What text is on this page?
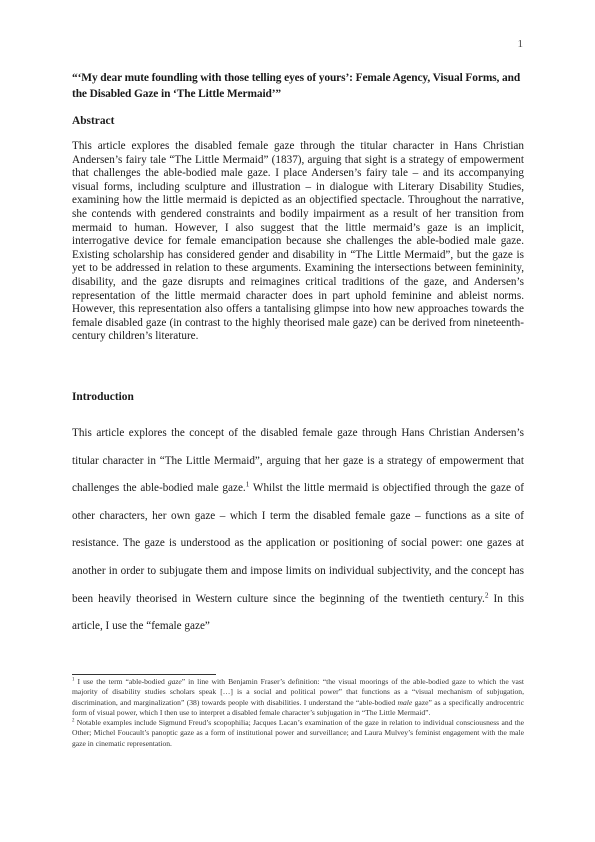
1
“‘My dear mute foundling with those telling eyes of yours’: Female Agency, Visual Forms, and the Disabled Gaze in ‘The Little Mermaid’”
Abstract

This article explores the disabled female gaze through the titular character in Hans Christian Andersen’s fairy tale “The Little Mermaid” (1837), arguing that sight is a strategy of empowerment that challenges the able-bodied male gaze. I place Andersen’s fairy tale – and its accompanying visual forms, including sculpture and illustration – in dialogue with Literary Disability Studies, examining how the little mermaid is depicted as an objectified spectacle. Throughout the narrative, she contends with gendered constraints and bodily impairment as a result of her transition from mermaid to human. However, I also suggest that the little mermaid’s gaze is an implicit, interrogative device for female emancipation because she challenges the able-bodied male gaze. Existing scholarship has considered gender and disability in “The Little Mermaid”, but the gaze is yet to be addressed in relation to these arguments. Examining the intersections between femininity, disability, and the gaze disrupts and reimagines critical traditions of the gaze, and Andersen’s representation of the little mermaid character does in part uphold feminine and ableist norms. However, this representation also offers a tantalising glimpse into how new approaches towards the female disabled gaze (in contrast to the highly theorised male gaze) can be derived from nineteenth-century children’s literature.

Introduction

This article explores the concept of the disabled female gaze through Hans Christian Andersen’s titular character in “The Little Mermaid”, arguing that her gaze is a strategy of empowerment that challenges the able-bodied male gaze.$^1$ Whilst the little mermaid is objectified through the gaze of other characters, her own gaze – which I term the disabled female gaze – functions as a site of resistance. The gaze is understood as the application or positioning of social power: one gazes at another in order to subjugate them and impose limits on individual subjectivity, and the concept has been heavily theorised in Western culture since the beginning of the twentieth century.$^2$ In this article, I use the “female gaze”

$^1$ I use the term “able-bodied gaze” in line with Benjamin Fraser’s definition: “the visual moorings of the able-bodied gaze to which the vast majority of disability studies scholars speak […] is a social and political power” that functions as a “visual mechanism of subjugation, discrimination, and marginalization” (38) towards people with disabilities. I understand the “able-bodied male gaze” as a specifically androcentric form of visual power, which I then use to interpret a disabled female character’s subjugation in “The Little Mermaid”.

$^2$ Notable examples include Sigmund Freud’s scopophilia; Jacques Lacan’s examination of the gaze in relation to individual consciousness and the Other; Michel Foucault’s panoptic gaze as a form of institutional power and surveillance; and Laura Mulvey’s feminist engagement with the male gaze in cinematic representation.
